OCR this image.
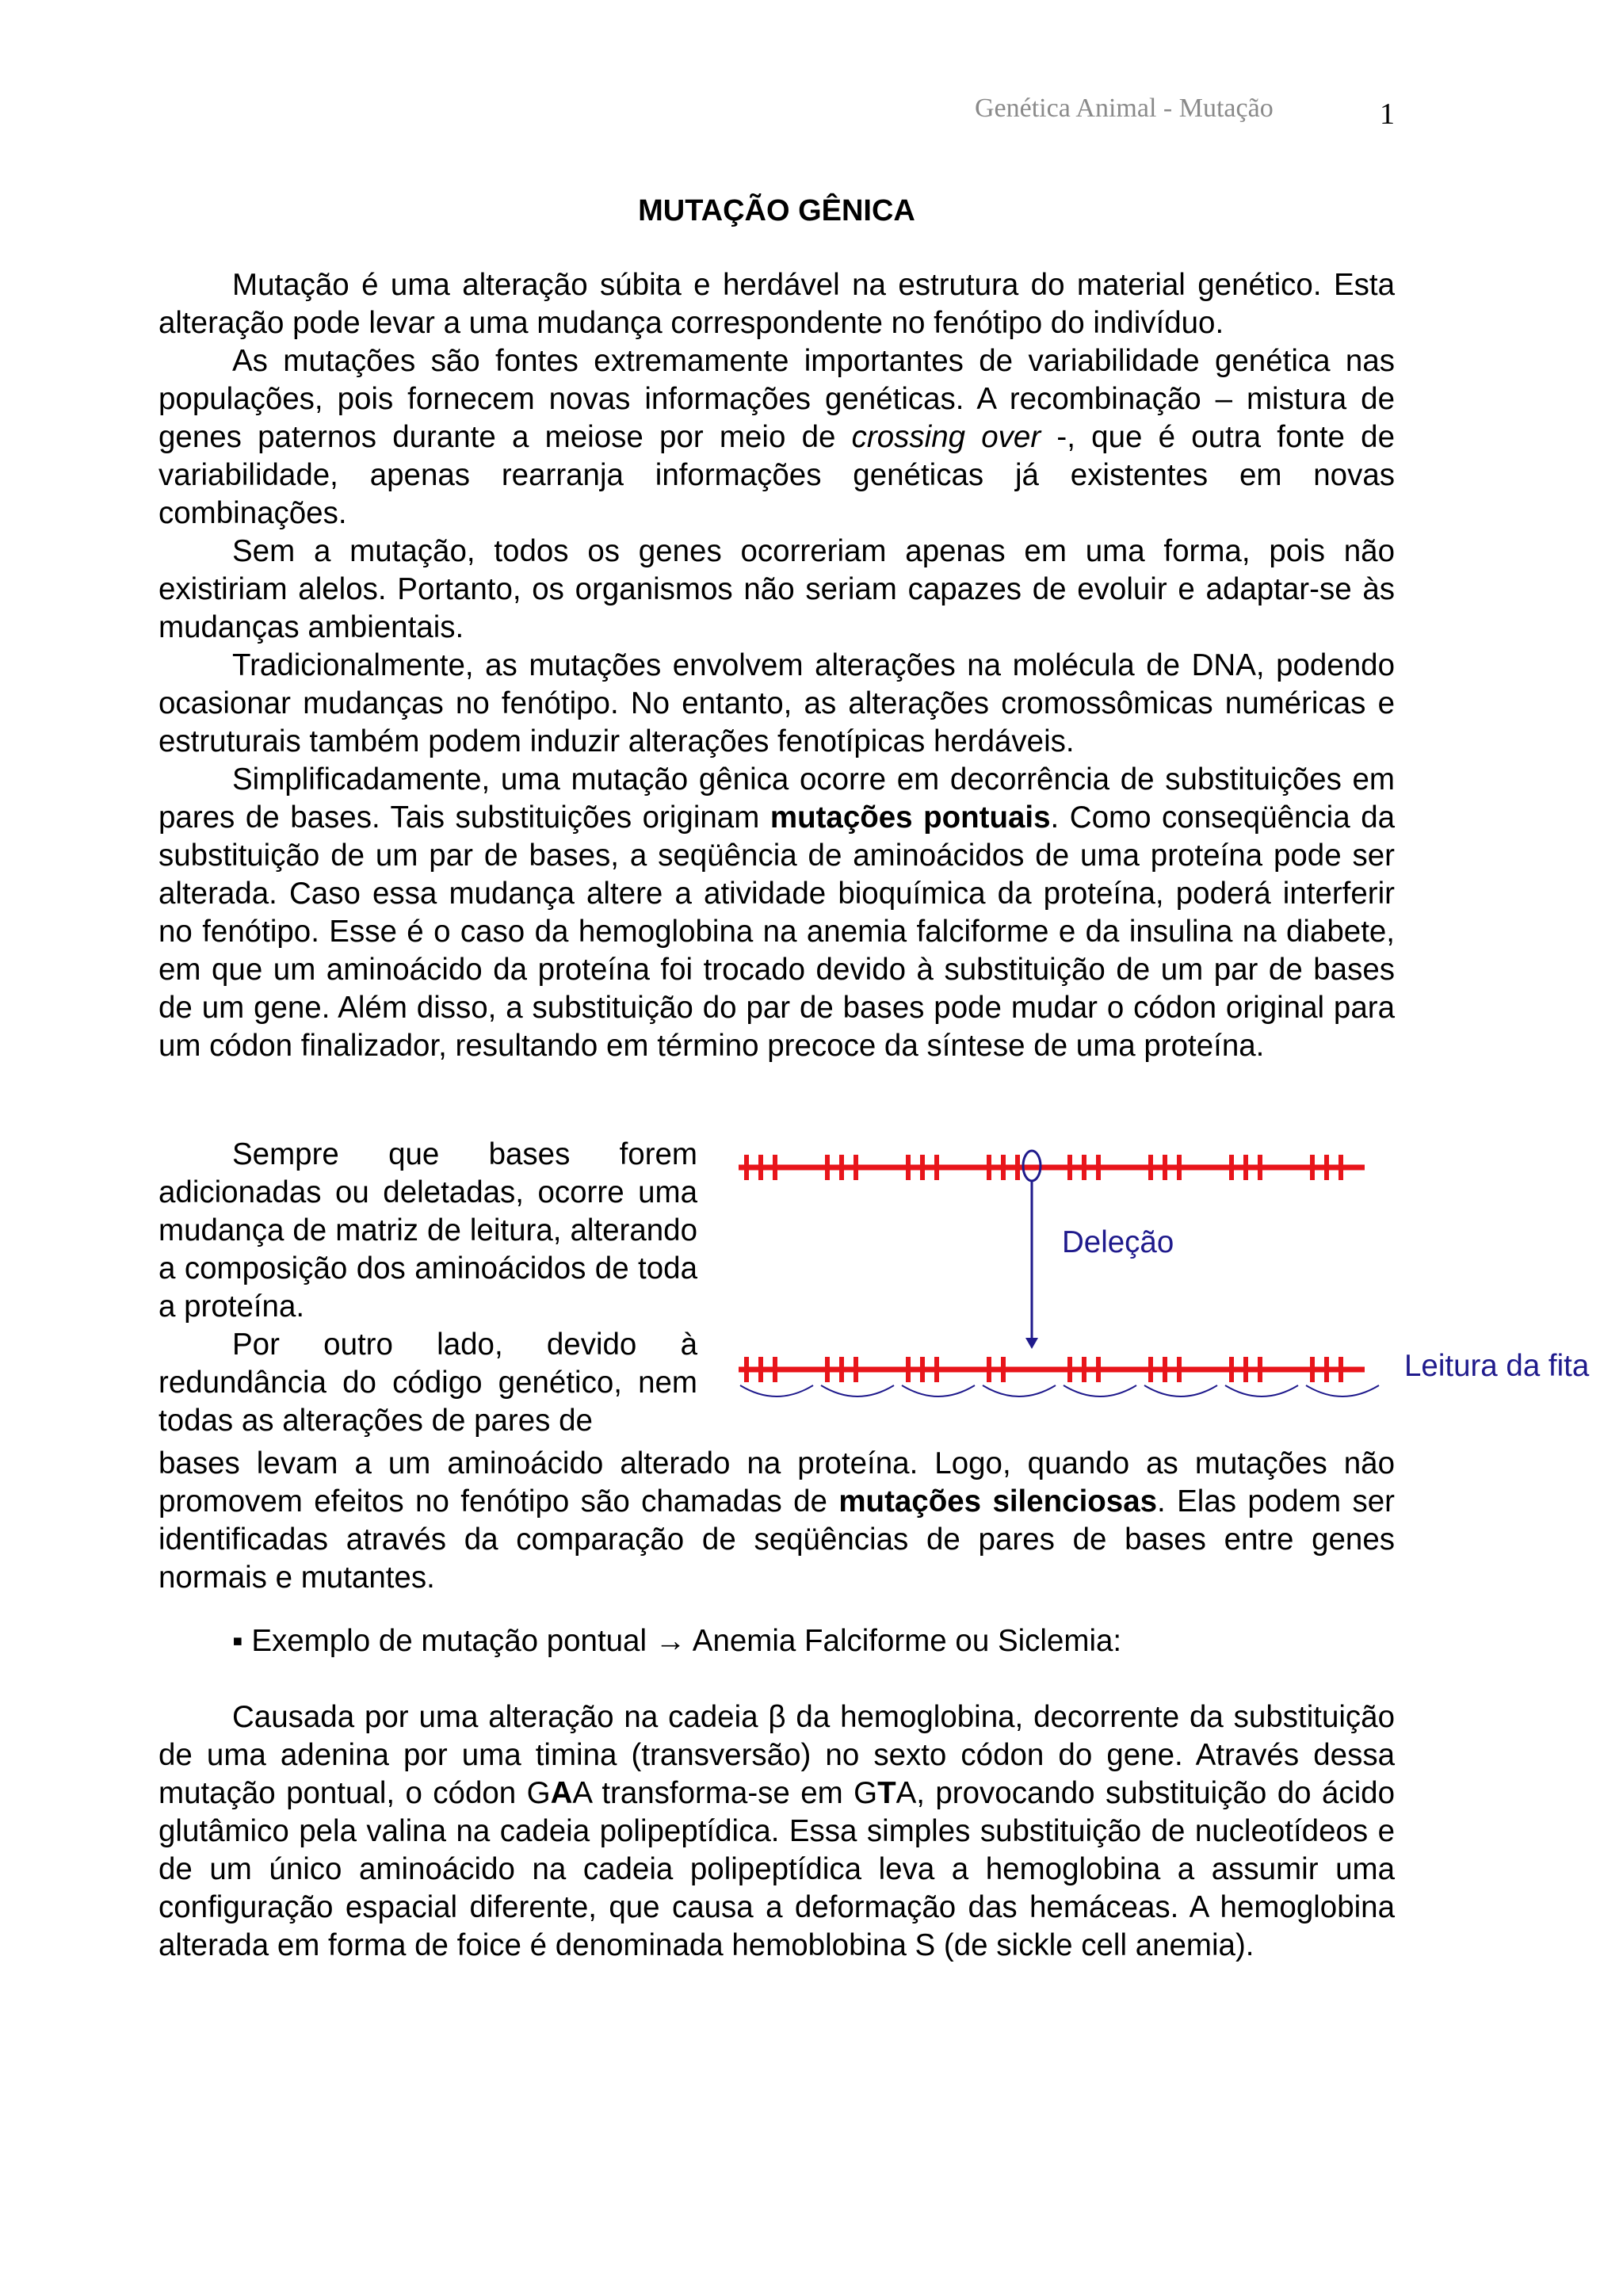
Genética Animal - Mutação	1
MUTAÇÃO GÊNICA

Mutação é uma alteração súbita e herdável na estrutura do material genético. Esta alteração pode levar a uma mudança correspondente no fenótipo do indivíduo.

As mutações são fontes extremamente importantes de variabilidade genética nas populações, pois fornecem novas informações genéticas. A recombinação – mistura de genes paternos durante a meiose por meio de crossing over -, que é outra fonte de variabilidade, apenas rearranja informações genéticas já existentes em novas combinações.

Sem a mutação, todos os genes ocorreriam apenas em uma forma, pois não existiriam alelos. Portanto, os organismos não seriam capazes de evoluir e adaptar-se às mudanças ambientais.

Tradicionalmente, as mutações envolvem alterações na molécula de DNA, podendo ocasionar mudanças no fenótipo. No entanto, as alterações cromossômicas numéricas e estruturais também podem induzir alterações fenotípicas herdáveis.

Simplificadamente, uma mutação gênica ocorre em decorrência de substituições em pares de bases. Tais substituições originam mutações pontuais. Como conseqüência da substituição de um par de bases, a seqüência de aminoácidos de uma proteína pode ser alterada. Caso essa mudança altere a atividade bioquímica da proteína, poderá interferir no fenótipo. Esse é o caso da hemoglobina na anemia falciforme e da insulina na diabete, em que um aminoácido da proteína foi trocado devido à substituição de um par de bases de um gene. Além disso, a substituição do par de bases pode mudar o códon original para um códon finalizador, resultando em término precoce da síntese de uma proteína.

Sempre que bases forem adicionadas ou deletadas, ocorre uma mudança de matriz de leitura, alterando a composição dos aminoácidos de toda a proteína.

Por outro lado, devido à redundância do código genético, nem todas as alterações de pares de

Deleção
Leitura da fita

bases levam a um aminoácido alterado na proteína. Logo, quando as mutações não promovem efeitos no fenótipo são chamadas de mutações silenciosas. Elas podem ser identificadas através da comparação de seqüências de pares de bases entre genes normais e mutantes.

▪ Exemplo de mutação pontual → Anemia Falciforme ou Siclemia:

Causada por uma alteração na cadeia β da hemoglobina, decorrente da substituição de uma adenina por uma timina (transversão) no sexto códon do gene. Através dessa mutação pontual, o códon GAA transforma-se em GTA, provocando substituição do ácido glutâmico pela valina na cadeia polipeptídica. Essa simples substituição de nucleotídeos e de um único aminoácido na cadeia polipeptídica leva a hemoglobina a assumir uma configuração espacial diferente, que causa a deformação das hemáceas. A hemoglobina alterada em forma de foice é denominada hemoblobina S (de sickle cell anemia).
